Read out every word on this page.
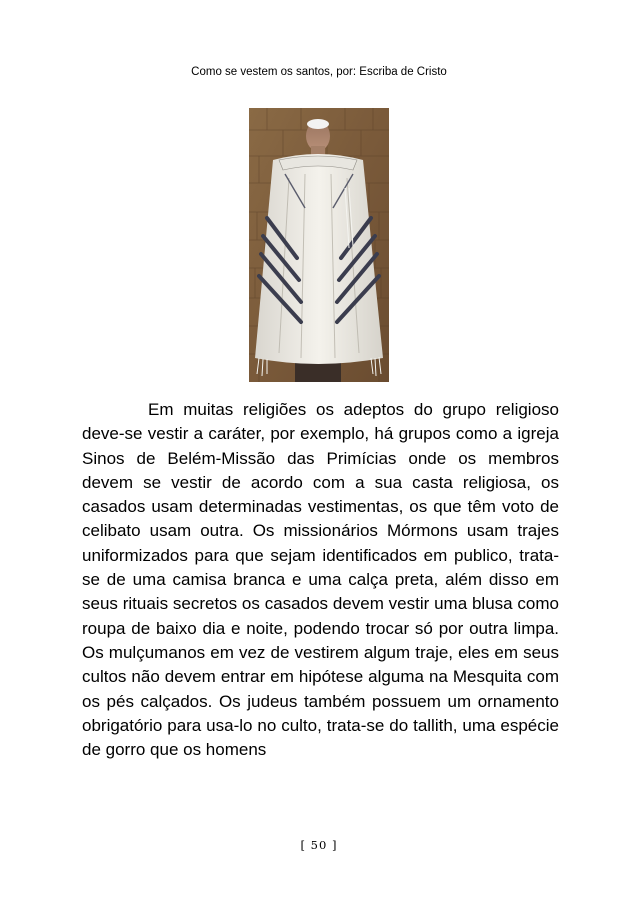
Como se vestem os santos, por: Escriba de Cristo

Em muitas religiões os adeptos do grupo religioso deve-se vestir a caráter, por exemplo, há grupos como a igreja Sinos de Belém-Missão das Primícias onde os membros devem se vestir de acordo com a sua casta religiosa, os casados usam determinadas vestimentas, os que têm voto de celibato usam outra. Os missionários Mórmons usam trajes uniformizados para que sejam identificados em publico, trata-se de uma camisa branca e uma calça preta, além disso em seus rituais secretos os casados devem vestir uma blusa como roupa de baixo dia e noite, podendo trocar só por outra limpa. Os mulçumanos em vez de vestirem algum traje, eles em seus cultos não devem entrar em hipótese alguma na Mesquita com os pés calçados. Os judeus também possuem um ornamento obrigatório para usa-lo no culto, trata-se do tallith, uma espécie de gorro que os homens

[ 50 ]
